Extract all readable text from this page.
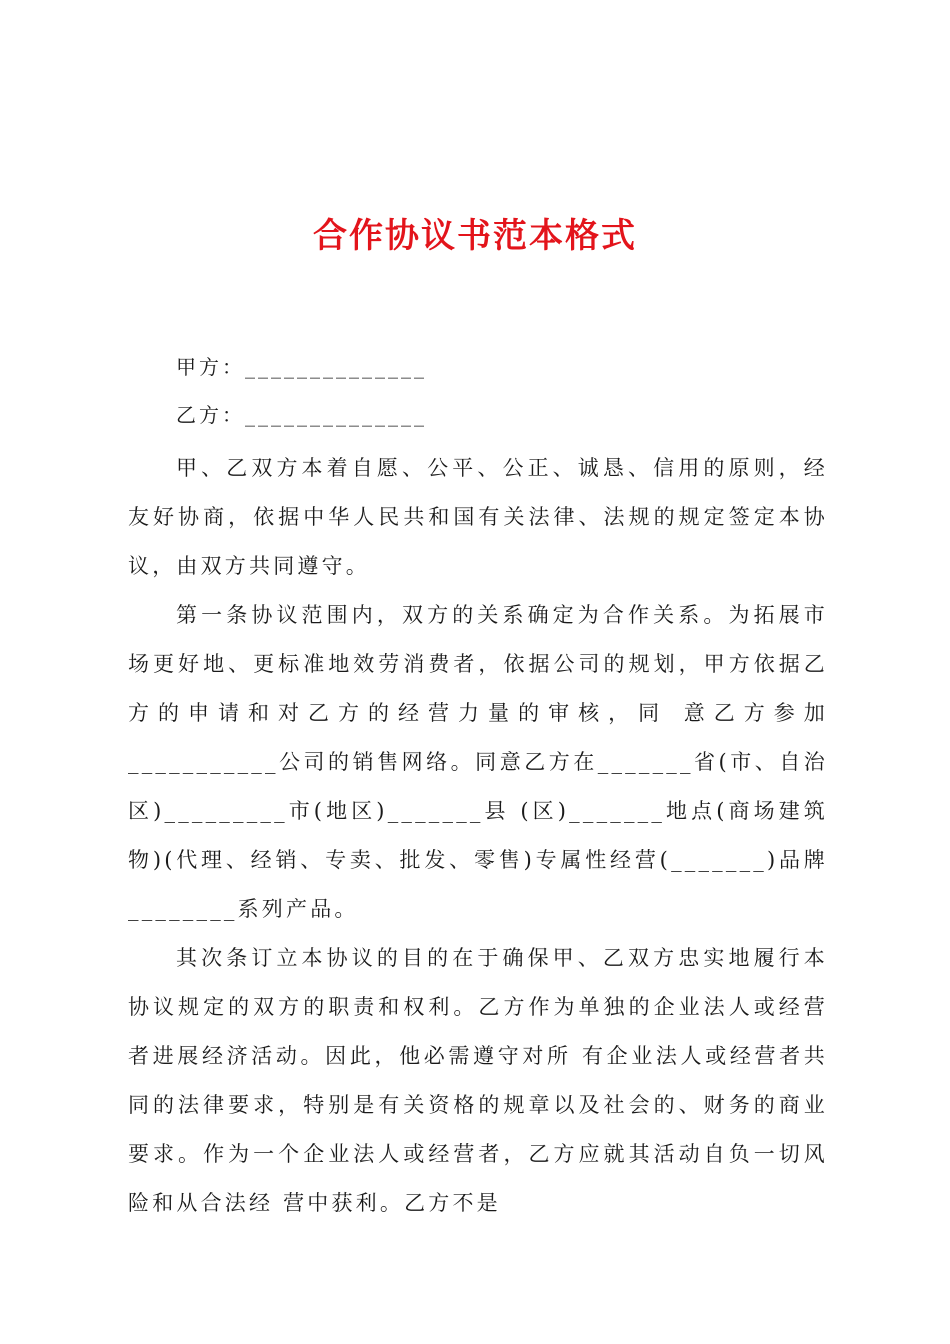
合作协议书范本格式
甲方：______________
乙方：______________

甲、乙双方本着自愿、公平、公正、诚恳、信用的原则，经友好协商，依据中华人民共和国有关法律、法规的规定签定本协议，由双方共同遵守。

第一条协议范围内，双方的关系确定为合作关系。为拓展市场更好地、更标准地效劳消费者，依据公司的规划，甲方依据乙方的申请和对乙方的经营力量的审核，同 意乙方参加___________公司的销售网络。同意乙方在_______省(市、自治区)_________市(地区)_______县 (区)_______地点(商场建筑物)(代理、经销、专卖、批发、零售)专属性经营(_______)品牌________系列产品。

其次条订立本协议的目的在于确保甲、乙双方忠实地履行本协议规定的双方的职责和权利。乙方作为单独的企业法人或经营者进展经济活动。因此，他必需遵守对所 有企业法人或经营者共同的法律要求，特别是有关资格的规章以及社会的、财务的商业要求。作为一个企业法人或经营者，乙方应就其活动自负一切风险和从合法经 营中获利。乙方不是
